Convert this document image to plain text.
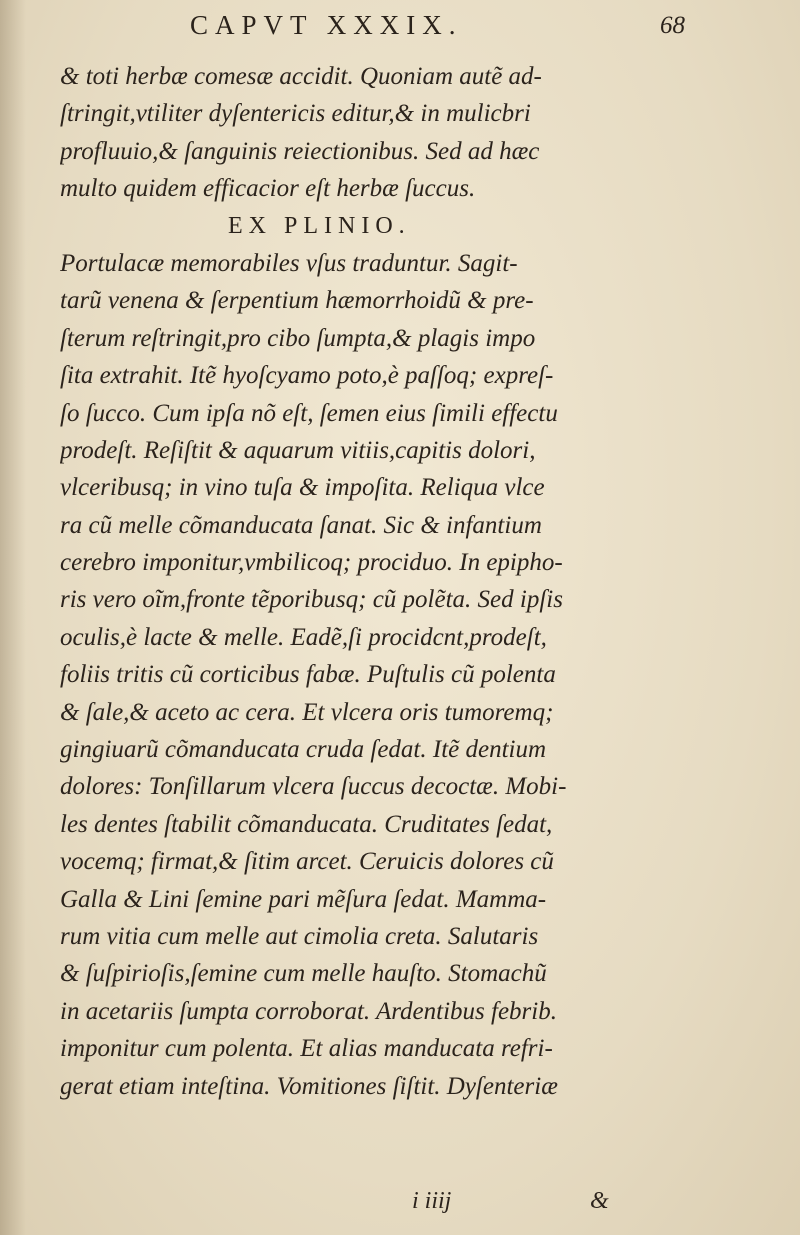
CAPVT XXXIX.	68
& toti herbæ comesæ accidit. Quoniam autẽ ad-
ſtringit,vtiliter dyſentericis editur,& in mulicbri
profluuio,& ſanguinis reiectionibus. Sed ad hæc
multo quidem efficacior eſt herbæ ſuccus.
EX PLINIO.
Portulacæ memorabiles vſus traduntur. Sagit-
tarũ venena & ſerpentium hæmorrhoidũ & pre-
ſterum reſtringit,pro cibo ſumpta,& plagis impo
ſita extrahit. Itẽ hyoſcyamo poto,è paſſoq; expreſ-
ſo ſucco. Cum ipſa nõ eſt, ſemen eius ſimili effectu
prodeſt. Reſiſtit & aquarum vitiis,capitis dolori,
vlceribusq; in vino tuſa & impoſita. Reliqua vlce
ra cũ melle cõmanducata ſanat. Sic & infantium
cerebro imponitur,vmbilicoq; prociduo. In epipho-
ris vero oĩm,fronte tẽporibusq; cũ polẽta. Sed ipſis
oculis,è lacte & melle. Eadẽ,ſi procidcnt,prodeſt,
foliis tritis cũ corticibus fabæ. Puſtulis cũ polenta
& ſale,& aceto ac cera. Et vlcera oris tumoremq;
gingiuarũ cõmanducata cruda ſedat. Itẽ dentium
dolores: Tonſillarum vlcera ſuccus decoctæ. Mobi-
les dentes ſtabilit cõmanducata. Cruditates ſedat,
vocemq; firmat,& ſitim arcet. Ceruicis dolores cũ
Galla & Lini ſemine pari mẽſura ſedat. Mamma-
rum vitia cum melle aut cimolia creta. Salutaris
& ſuſpirioſis,ſemine cum melle hauſto. Stomachũ
in acetariis ſumpta corroborat. Ardentibus febrib.
imponitur cum polenta. Et alias manducata refri-
gerat etiam inteſtina. Vomitiones ſiſtit. Dyſenteriæ
i iiij	&
